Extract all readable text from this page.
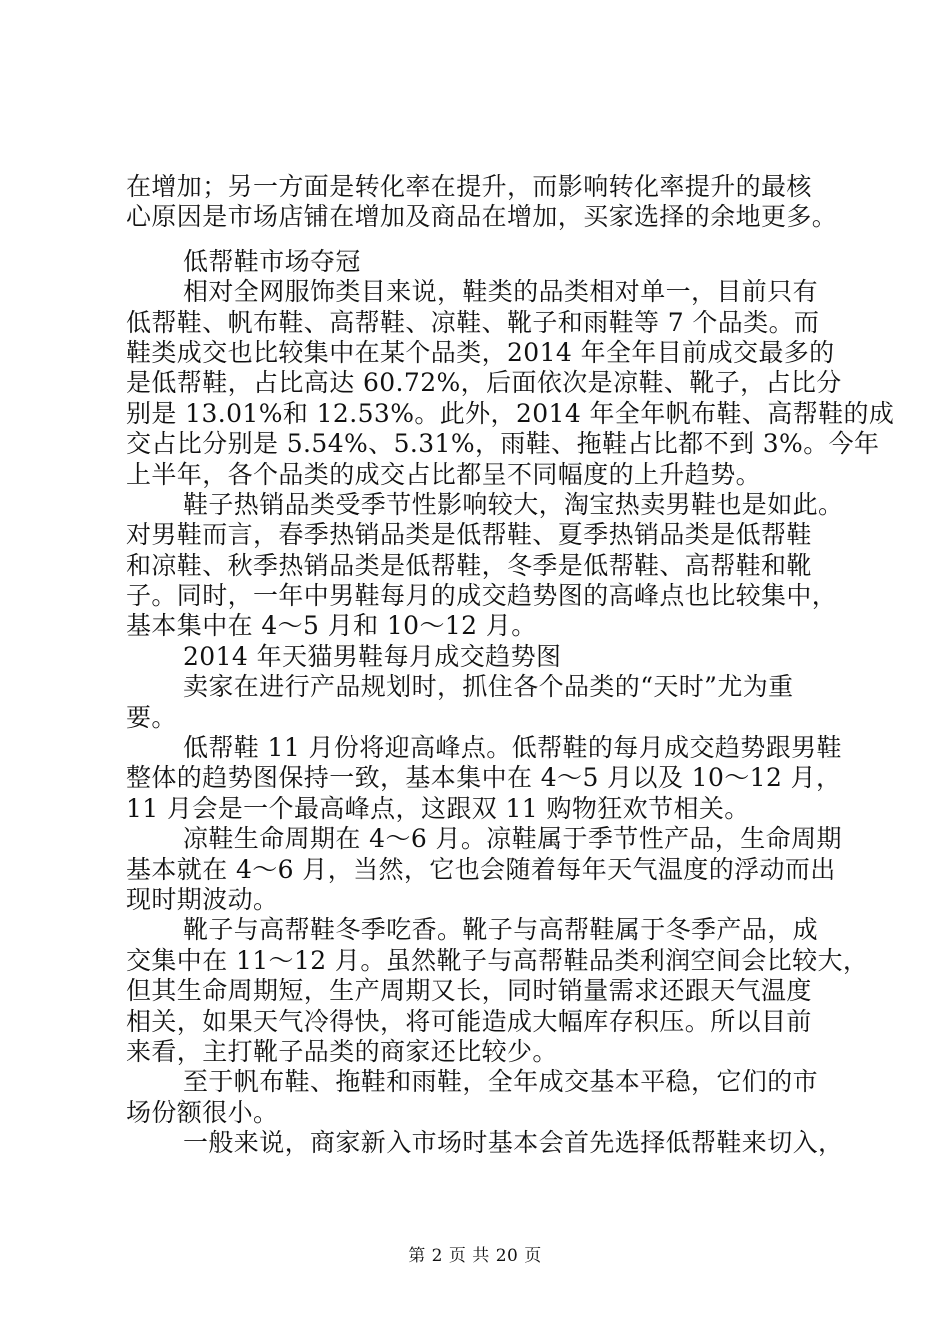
在增加；另一方面是转化率在提升，而影响转化率提升的最核
心原因是市场店铺在增加及商品在增加，买家选择的余地更多。
低帮鞋市场夺冠
相对全网服饰类目来说，鞋类的品类相对单一，目前只有
低帮鞋、帆布鞋、高帮鞋、凉鞋、靴子和雨鞋等 7 个品类。而
鞋类成交也比较集中在某个品类，2014 年全年目前成交最多的
是低帮鞋，占比高达 60.72%，后面依次是凉鞋、靴子，占比分
别是 13.01%和 12.53%。此外，2014 年全年帆布鞋、高帮鞋的成
交占比分别是 5.54%、5.31%，雨鞋、拖鞋占比都不到 3%。今年
上半年，各个品类的成交占比都呈不同幅度的上升趋势。
鞋子热销品类受季节性影响较大，淘宝热卖男鞋也是如此。
对男鞋而言，春季热销品类是低帮鞋、夏季热销品类是低帮鞋
和凉鞋、秋季热销品类是低帮鞋，冬季是低帮鞋、高帮鞋和靴
子。同时，一年中男鞋每月的成交趋势图的高峰点也比较集中，
基本集中在 4～5 月和 10～12 月。
2014 年天猫男鞋每月成交趋势图
卖家在进行产品规划时，抓住各个品类的“天时”尤为重
要。
低帮鞋 11 月份将迎高峰点。低帮鞋的每月成交趋势跟男鞋
整体的趋势图保持一致，基本集中在 4～5 月以及 10～12 月，
11 月会是一个最高峰点，这跟双 11 购物狂欢节相关。
凉鞋生命周期在 4～6 月。凉鞋属于季节性产品，生命周期
基本就在 4～6 月，当然，它也会随着每年天气温度的浮动而出
现时期波动。
靴子与高帮鞋冬季吃香。靴子与高帮鞋属于冬季产品，成
交集中在 11～12 月。虽然靴子与高帮鞋品类利润空间会比较大，
但其生命周期短，生产周期又长，同时销量需求还跟天气温度
相关，如果天气冷得快，将可能造成大幅库存积压。所以目前
来看，主打靴子品类的商家还比较少。
至于帆布鞋、拖鞋和雨鞋，全年成交基本平稳，它们的市
场份额很小。
一般来说，商家新入市场时基本会首先选择低帮鞋来切入，
第 2 页 共 20 页
